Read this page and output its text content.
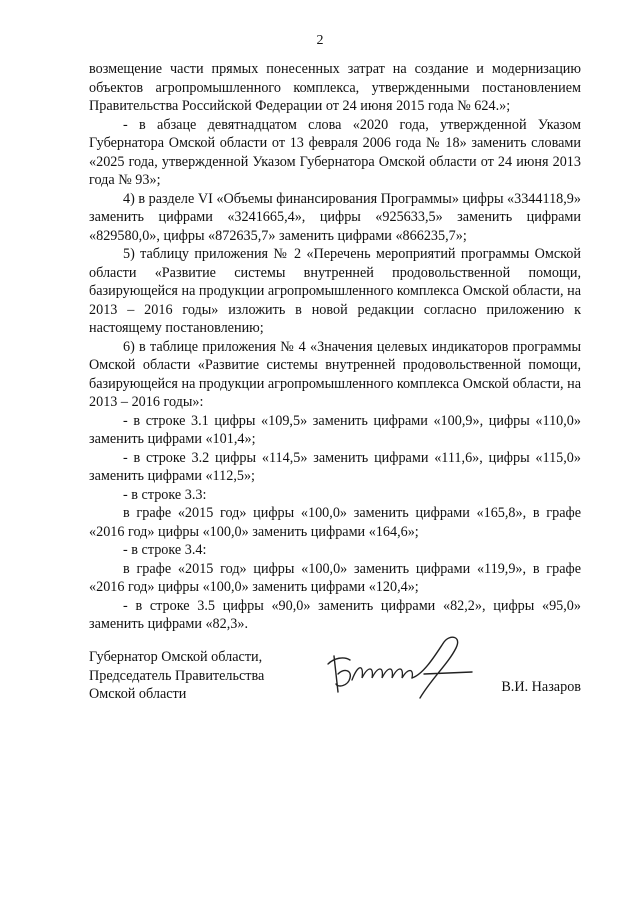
2

возмещение части прямых понесенных затрат на создание и модернизацию объектов агропромышленного комплекса, утвержденными постановлением Правительства Российской Федерации от 24 июня 2015 года № 624.»;

- в абзаце девятнадцатом слова «2020 года, утвержденной Указом Губернатора Омской области от 13 февраля 2006 года № 18» заменить словами «2025 года, утвержденной Указом Губернатора Омской области от 24 июня 2013 года № 93»;

4) в разделе VI «Объемы финансирования Программы» цифры «3344118,9» заменить цифрами «3241665,4», цифры «925633,5» заменить цифрами «829580,0», цифры «872635,7» заменить цифрами «866235,7»;

5) таблицу приложения № 2 «Перечень мероприятий программы Омской области «Развитие системы внутренней продовольственной помощи, базирующейся на продукции агропромышленного комплекса Омской области, на 2013 – 2016 годы» изложить в новой редакции согласно приложению к настоящему постановлению;

6) в таблице приложения № 4 «Значения целевых индикаторов программы Омской области «Развитие системы внутренней продовольственной помощи, базирующейся на продукции агропромышленного комплекса Омской области, на 2013 – 2016 годы»:

- в строке 3.1 цифры «109,5» заменить цифрами «100,9», цифры «110,0» заменить цифрами «101,4»;

- в строке 3.2 цифры «114,5» заменить цифрами «111,6», цифры «115,0» заменить цифрами «112,5»;

- в строке 3.3:

в графе «2015 год» цифры «100,0» заменить цифрами «165,8», в графе «2016 год» цифры «100,0» заменить цифрами «164,6»;

- в строке 3.4:

в графе «2015 год» цифры «100,0» заменить цифрами «119,9», в графе «2016 год» цифры «100,0» заменить цифрами «120,4»;

- в строке 3.5 цифры «90,0» заменить цифрами «82,2», цифры «95,0» заменить цифрами «82,3».

Губернатор Омской области,
Председатель Правительства
Омской области	В.И. Назаров
